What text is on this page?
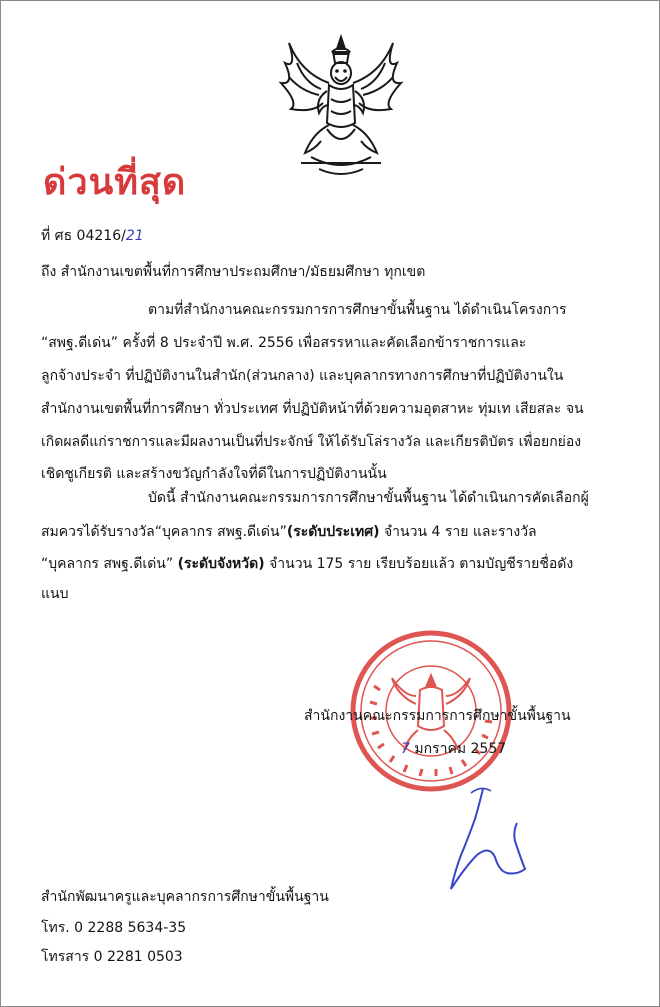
ด่วนที่สุด
ที่ ศธ 04216/21
ถึง สำนักงานเขตพื้นที่การศึกษาประถมศึกษา/มัธยมศึกษา ทุกเขต
ตามที่สำนักงานคณะกรรมการการศึกษาขั้นพื้นฐาน ได้ดำเนินโครงการ
“สพฐ.ดีเด่น” ครั้งที่ 8 ประจำปี พ.ศ. 2556 เพื่อสรรหาและคัดเลือกข้าราชการและ
ลูกจ้างประจำ ที่ปฏิบัติงานในสำนัก(ส่วนกลาง) และบุคลากรทางการศึกษาที่ปฏิบัติงานใน
สำนักงานเขตพื้นที่การศึกษา ทั่วประเทศ ที่ปฏิบัติหน้าที่ด้วยความอุตสาหะ ทุ่มเท เสียสละ จน
เกิดผลดีแก่ราชการและมีผลงานเป็นที่ประจักษ์ ให้ได้รับโล่รางวัล และเกียรติบัตร เพื่อยกย่อง
เชิดชูเกียรติ และสร้างขวัญกำลังใจที่ดีในการปฏิบัติงานนั้น
บัดนี้ สำนักงานคณะกรรมการการศึกษาขั้นพื้นฐาน ได้ดำเนินการคัดเลือกผู้
สมควรได้รับรางวัล“บุคลากร สพฐ.ดีเด่น”(ระดับประเทศ) จำนวน 4 ราย และรางวัล
“บุคลากร สพฐ.ดีเด่น” (ระดับจังหวัด) จำนวน 175 ราย เรียบร้อยแล้ว ตามบัญชีรายชื่อดัง
แนบ
สำนักงานคณะกรรมการการศึกษาขั้นพื้นฐาน
7 มกราคม 2557
สำนักพัฒนาครูและบุคลากรการศึกษาขั้นพื้นฐาน
โทร. 0 2288 5634-35
โทรสาร 0 2281 0503
